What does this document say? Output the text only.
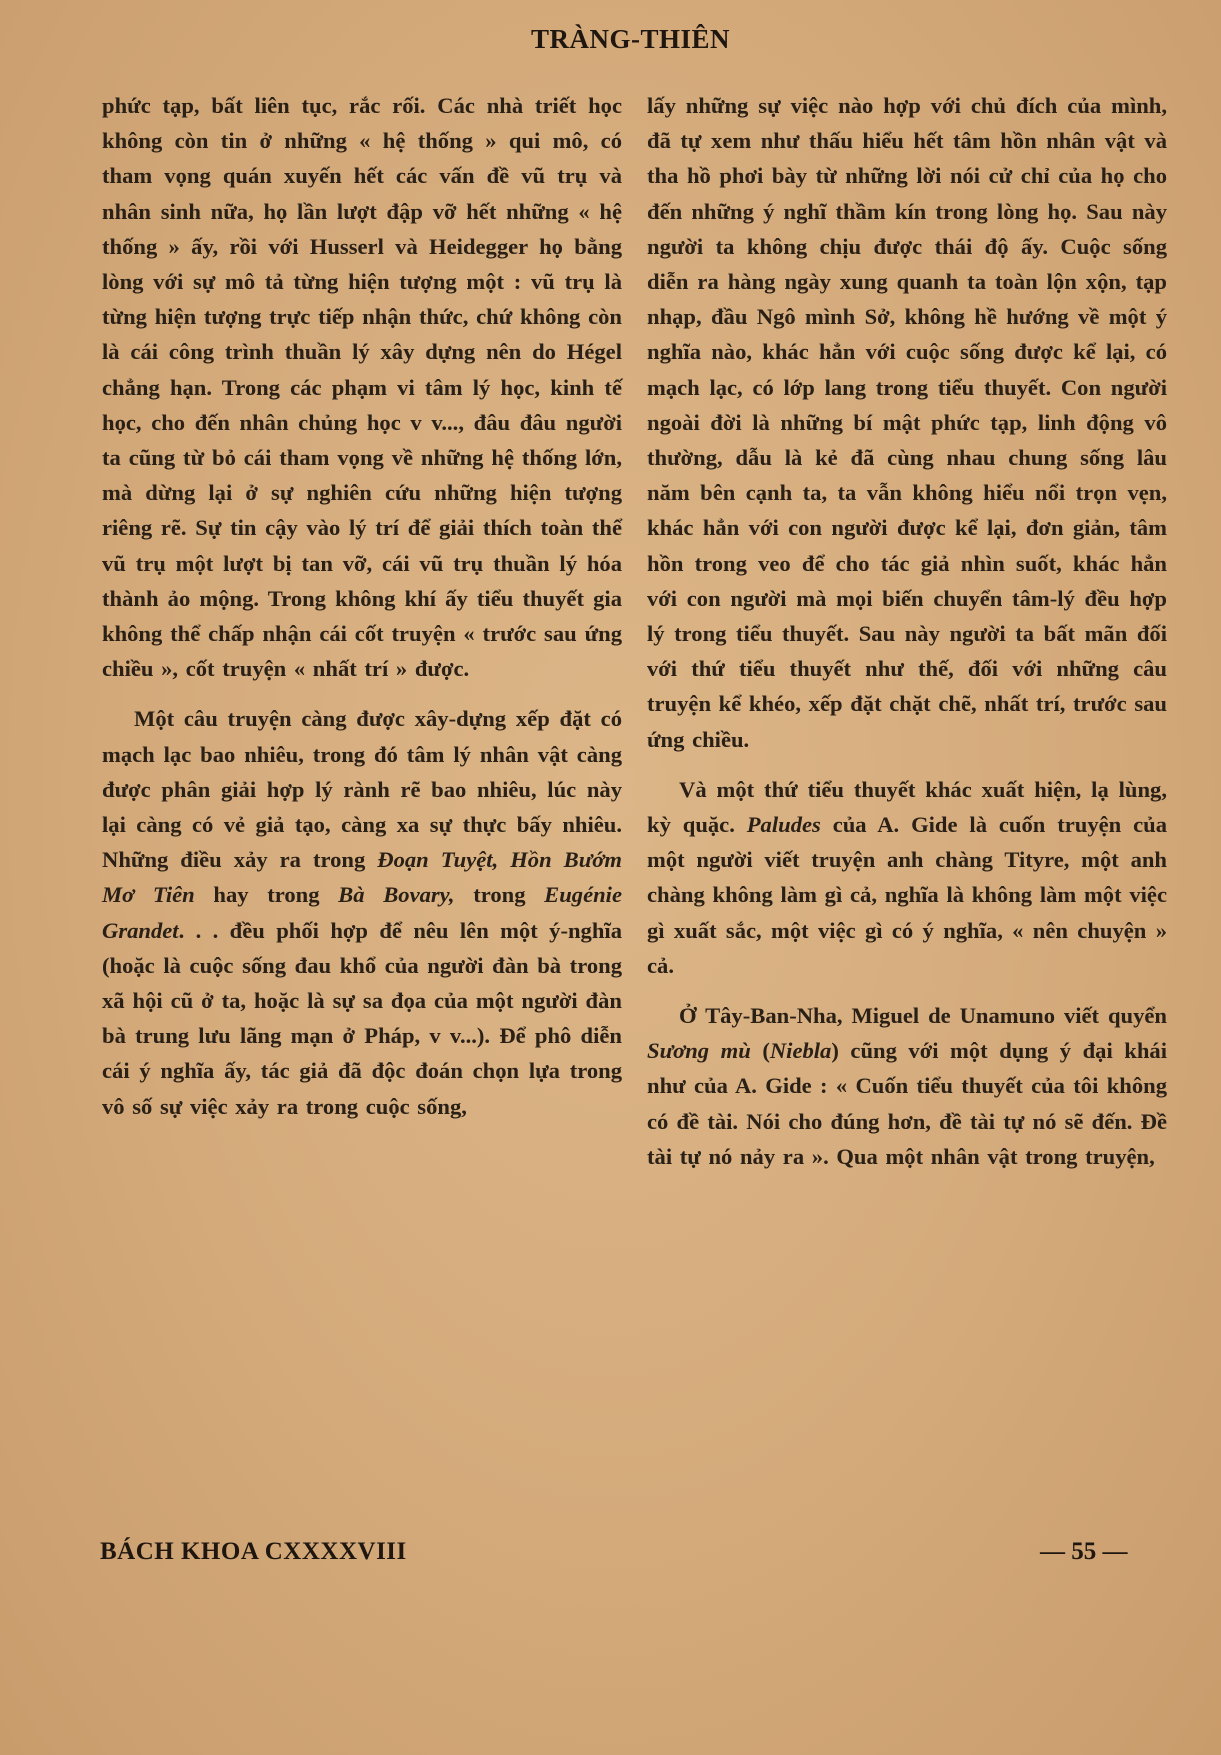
TRÀNG-THIÊN

phức tạp, bất liên tục, rắc rối. Các nhà triết học không còn tin ở những « hệ thống » qui mô, có tham vọng quán xuyến hết các vấn đề vũ trụ và nhân sinh nữa, họ lần lượt đập vỡ hết những « hệ thống » ấy, rồi với Husserl và Heidegger họ bằng lòng với sự mô tả từng hiện tượng một : vũ trụ là từng hiện tượng trực tiếp nhận thức, chứ không còn là cái công trình thuần lý xây dựng nên do Hégel chẳng hạn. Trong các phạm vi tâm lý học, kinh tế học, cho đến nhân chủng học v v..., đâu đâu người ta cũng từ bỏ cái tham vọng về những hệ thống lớn, mà dừng lại ở sự nghiên cứu những hiện tượng riêng rẽ. Sự tin cậy vào lý trí để giải thích toàn thể vũ trụ một lượt bị tan vỡ, cái vũ trụ thuần lý hóa thành ảo mộng. Trong không khí ấy tiểu thuyết gia không thể chấp nhận cái cốt truyện « trước sau ứng chiều », cốt truyện « nhất trí » được.

Một câu truyện càng được xây-dựng xếp đặt có mạch lạc bao nhiêu, trong đó tâm lý nhân vật càng được phân giải hợp lý rành rẽ bao nhiêu, lúc này lại càng có vẻ giả tạo, càng xa sự thực bấy nhiêu. Những điều xảy ra trong Đoạn Tuyệt, Hồn Bướm Mơ Tiên hay trong Bà Bovary, trong Eugénie Grandet. . . đều phối hợp để nêu lên một ý-nghĩa (hoặc là cuộc sống đau khổ của người đàn bà trong xã hội cũ ở ta, hoặc là sự sa đọa của một người đàn bà trung lưu lãng mạn ở Pháp, v v...). Để phô diễn cái ý nghĩa ấy, tác giả đã độc đoán chọn lựa trong vô số sự việc xảy ra trong cuộc sống,

lấy những sự việc nào hợp với chủ đích của mình, đã tự xem như thấu hiểu hết tâm hồn nhân vật và tha hồ phơi bày từ những lời nói cử chỉ của họ cho đến những ý nghĩ thầm kín trong lòng họ. Sau này người ta không chịu được thái độ ấy. Cuộc sống diễn ra hàng ngày xung quanh ta toàn lộn xộn, tạp nhạp, đầu Ngô mình Sở, không hề hướng về một ý nghĩa nào, khác hẳn với cuộc sống được kể lại, có mạch lạc, có lớp lang trong tiểu thuyết. Con người ngoài đời là những bí mật phức tạp, linh động vô thường, dẫu là kẻ đã cùng nhau chung sống lâu năm bên cạnh ta, ta vẫn không hiểu nổi trọn vẹn, khác hẳn với con người được kể lại, đơn giản, tâm hồn trong veo để cho tác giả nhìn suốt, khác hẳn với con người mà mọi biến chuyển tâm-lý đều hợp lý trong tiểu thuyết. Sau này người ta bất mãn đối với thứ tiểu thuyết như thế, đối với những câu truyện kể khéo, xếp đặt chặt chẽ, nhất trí, trước sau ứng chiều.

Và một thứ tiểu thuyết khác xuất hiện, lạ lùng, kỳ quặc. Paludes của A. Gide là cuốn truyện của một người viết truyện anh chàng Tityre, một anh chàng không làm gì cả, nghĩa là không làm một việc gì xuất sắc, một việc gì có ý nghĩa, « nên chuyện » cả.

Ở Tây-Ban-Nha, Miguel de Unamuno viết quyển Sương mù (Niebla) cũng với một dụng ý đại khái như của A. Gide : « Cuốn tiểu thuyết của tôi không có đề tài. Nói cho đúng hơn, đề tài tự nó sẽ đến. Đề tài tự nó nảy ra ». Qua một nhân vật trong truyện,

BÁCH KHOA CXXXXVIII	— 55 —
